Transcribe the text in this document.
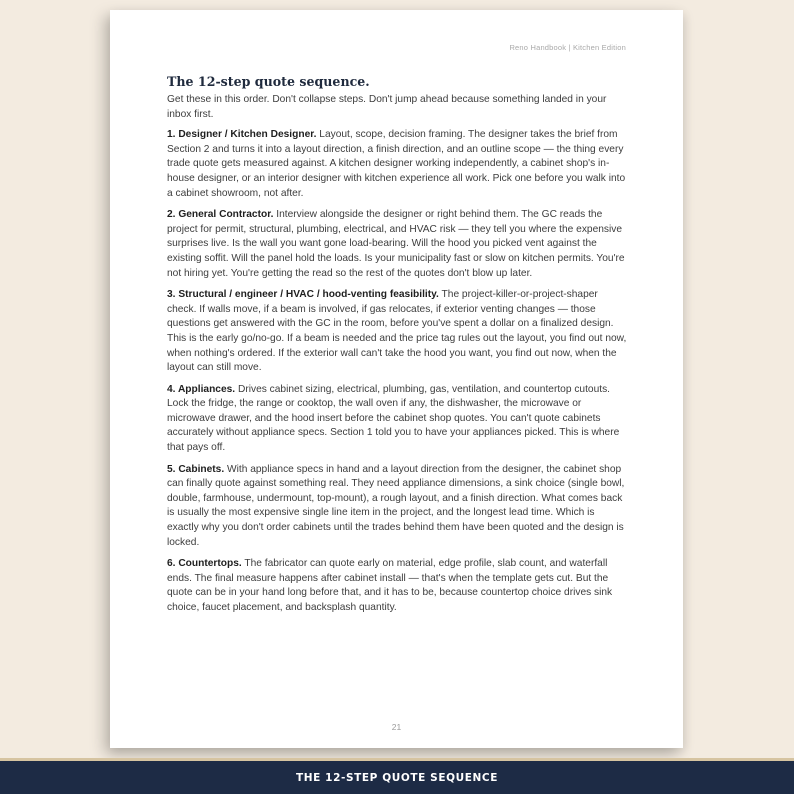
Reno Handbook | Kitchen Edition
The 12-step quote sequence.

Get these in this order. Don't collapse steps. Don't jump ahead because something landed in your inbox first.

1. Designer / Kitchen Designer. Layout, scope, decision framing. The designer takes the brief from Section 2 and turns it into a layout direction, a finish direction, and an outline scope — the thing every trade quote gets measured against. A kitchen designer working independently, a cabinet shop's in-house designer, or an interior designer with kitchen experience all work. Pick one before you walk into a cabinet showroom, not after.

2. General Contractor. Interview alongside the designer or right behind them. The GC reads the project for permit, structural, plumbing, electrical, and HVAC risk — they tell you where the expensive surprises live. Is the wall you want gone load-bearing. Will the hood you picked vent against the existing soffit. Will the panel hold the loads. Is your municipality fast or slow on kitchen permits. You're not hiring yet. You're getting the read so the rest of the quotes don't blow up later.

3. Structural / engineer / HVAC / hood-venting feasibility. The project-killer-or-project-shaper check. If walls move, if a beam is involved, if gas relocates, if exterior venting changes — those questions get answered with the GC in the room, before you've spent a dollar on a finalized design. This is the early go/no-go. If a beam is needed and the price tag rules out the layout, you find out now, when nothing's ordered. If the exterior wall can't take the hood you want, you find out now, when the layout can still move.

4. Appliances. Drives cabinet sizing, electrical, plumbing, gas, ventilation, and countertop cutouts. Lock the fridge, the range or cooktop, the wall oven if any, the dishwasher, the microwave or microwave drawer, and the hood insert before the cabinet shop quotes. You can't quote cabinets accurately without appliance specs. Section 1 told you to have your appliances picked. This is where that pays off.

5. Cabinets. With appliance specs in hand and a layout direction from the designer, the cabinet shop can finally quote against something real. They need appliance dimensions, a sink choice (single bowl, double, farmhouse, undermount, top-mount), a rough layout, and a finish direction. What comes back is usually the most expensive single line item in the project, and the longest lead time. Which is exactly why you don't order cabinets until the trades behind them have been quoted and the design is locked.

6. Countertops. The fabricator can quote early on material, edge profile, slab count, and waterfall ends. The final measure happens after cabinet install — that's when the template gets cut. But the quote can be in your hand long before that, and it has to be, because countertop choice drives sink choice, faucet placement, and backsplash quantity.

21
THE 12-STEP QUOTE SEQUENCE
